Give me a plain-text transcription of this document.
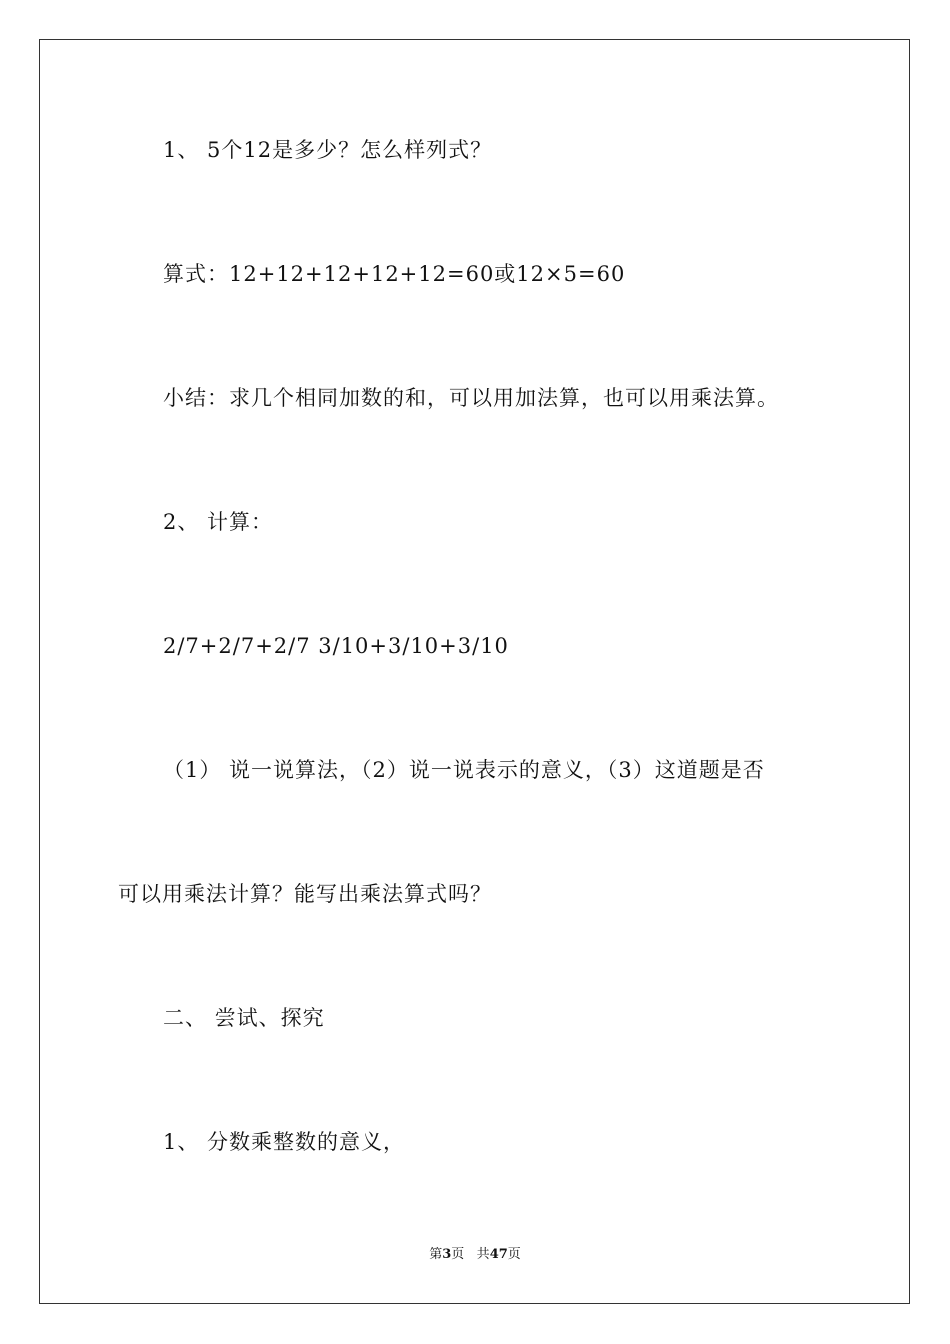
1、 5个12是多少？怎么样列式？
算式：12+12+12+12+12=60或12×5=60
小结：求几个相同加数的和，可以用加法算，也可以用乘法算。
2、 计算：
2/7+2/7+2/7 3/10+3/10+3/10
（1） 说一说算法，（2）说一说表示的意义，（3）这道题是否
可以用乘法计算？能写出乘法算式吗？
二、 尝试、探究
1、 分数乘整数的意义，
第3页 共47页
